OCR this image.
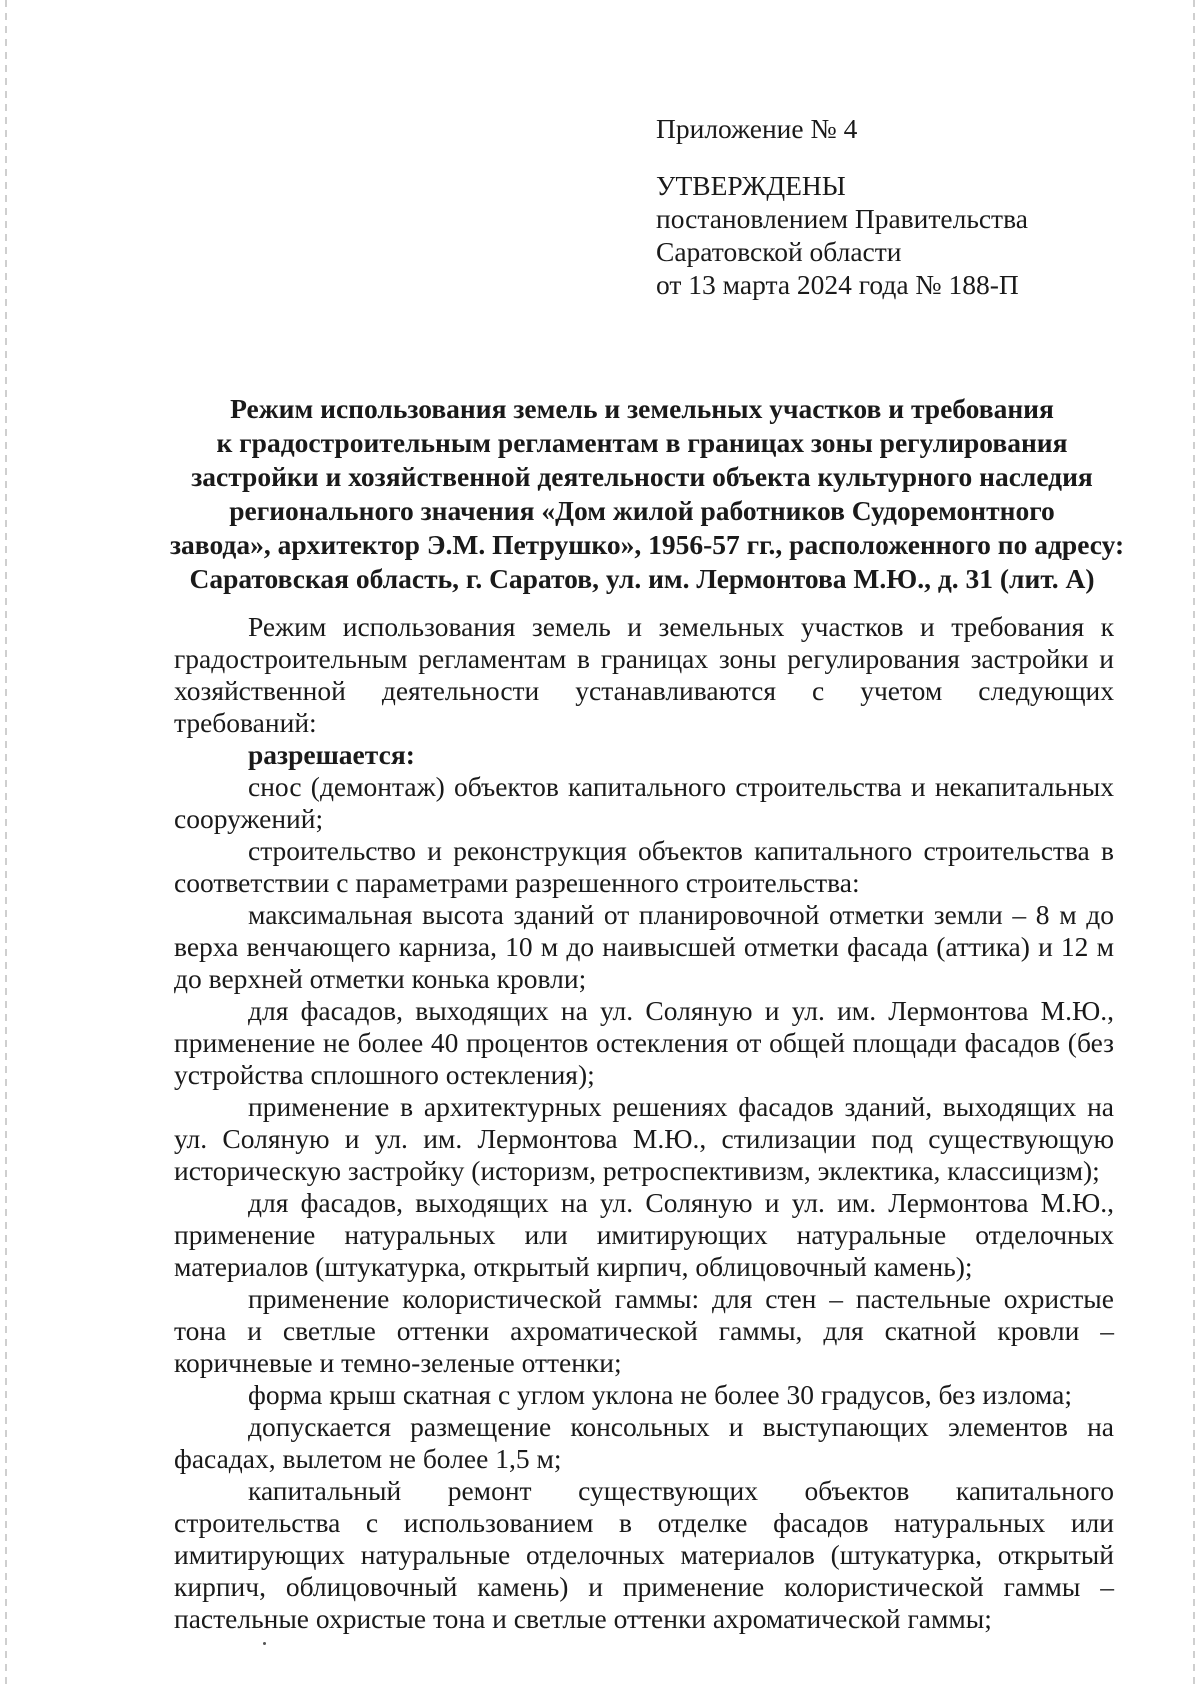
Приложение № 4
УТВЕРЖДЕНЫ
постановлением Правительства
Саратовской области
от 13 марта 2024 года № 188-П
Режим использования земель и земельных участков и требования
к градостроительным регламентам в границах зоны регулирования
застройки и хозяйственной деятельности объекта культурного наследия
регионального значения «Дом жилой работников Судоремонтного
завода», архитектор Э.М. Петрушко», 1956-57 гг., расположенного по адресу:
Саратовская область, г. Саратов, ул. им. Лермонтова М.Ю., д. 31 (лит. А)

Режим использования земель и земельных участков и требования к градостроительным регламентам в границах зоны регулирования застройки и хозяйственной деятельности устанавливаются с учетом следующих требований:

разрешается:

снос (демонтаж) объектов капитального строительства и некапитальных сооружений;

строительство и реконструкция объектов капитального строительства в соответствии с параметрами разрешенного строительства:

максимальная высота зданий от планировочной отметки земли – 8 м до верха венчающего карниза, 10 м до наивысшей отметки фасада (аттика) и 12 м до верхней отметки конька кровли;

для фасадов, выходящих на ул. Соляную и ул. им. Лермонтова М.Ю., применение не более 40 процентов остекления от общей площади фасадов (без устройства сплошного остекления);

применение в архитектурных решениях фасадов зданий, выходящих на ул. Соляную и ул. им. Лермонтова М.Ю., стилизации под существующую историческую застройку (историзм, ретроспективизм, эклектика, классицизм);

для фасадов, выходящих на ул. Соляную и ул. им. Лермонтова М.Ю., применение натуральных или имитирующих натуральные отделочных материалов (штукатурка, открытый кирпич, облицовочный камень);

применение колористической гаммы: для стен – пастельные охристые тона и светлые оттенки ахроматической гаммы, для скатной кровли – коричневые и темно-зеленые оттенки;

форма крыш скатная с углом уклона не более 30 градусов, без излома;

допускается размещение консольных и выступающих элементов на фасадах, вылетом не более 1,5 м;

капитальный ремонт существующих объектов капитального строительства с использованием в отделке фасадов натуральных или имитирующих натуральные отделочных материалов (штукатурка, открытый кирпич, облицовочный камень) и применение колористической гаммы – пастельные охристые тона и светлые оттенки ахроматической гаммы;
